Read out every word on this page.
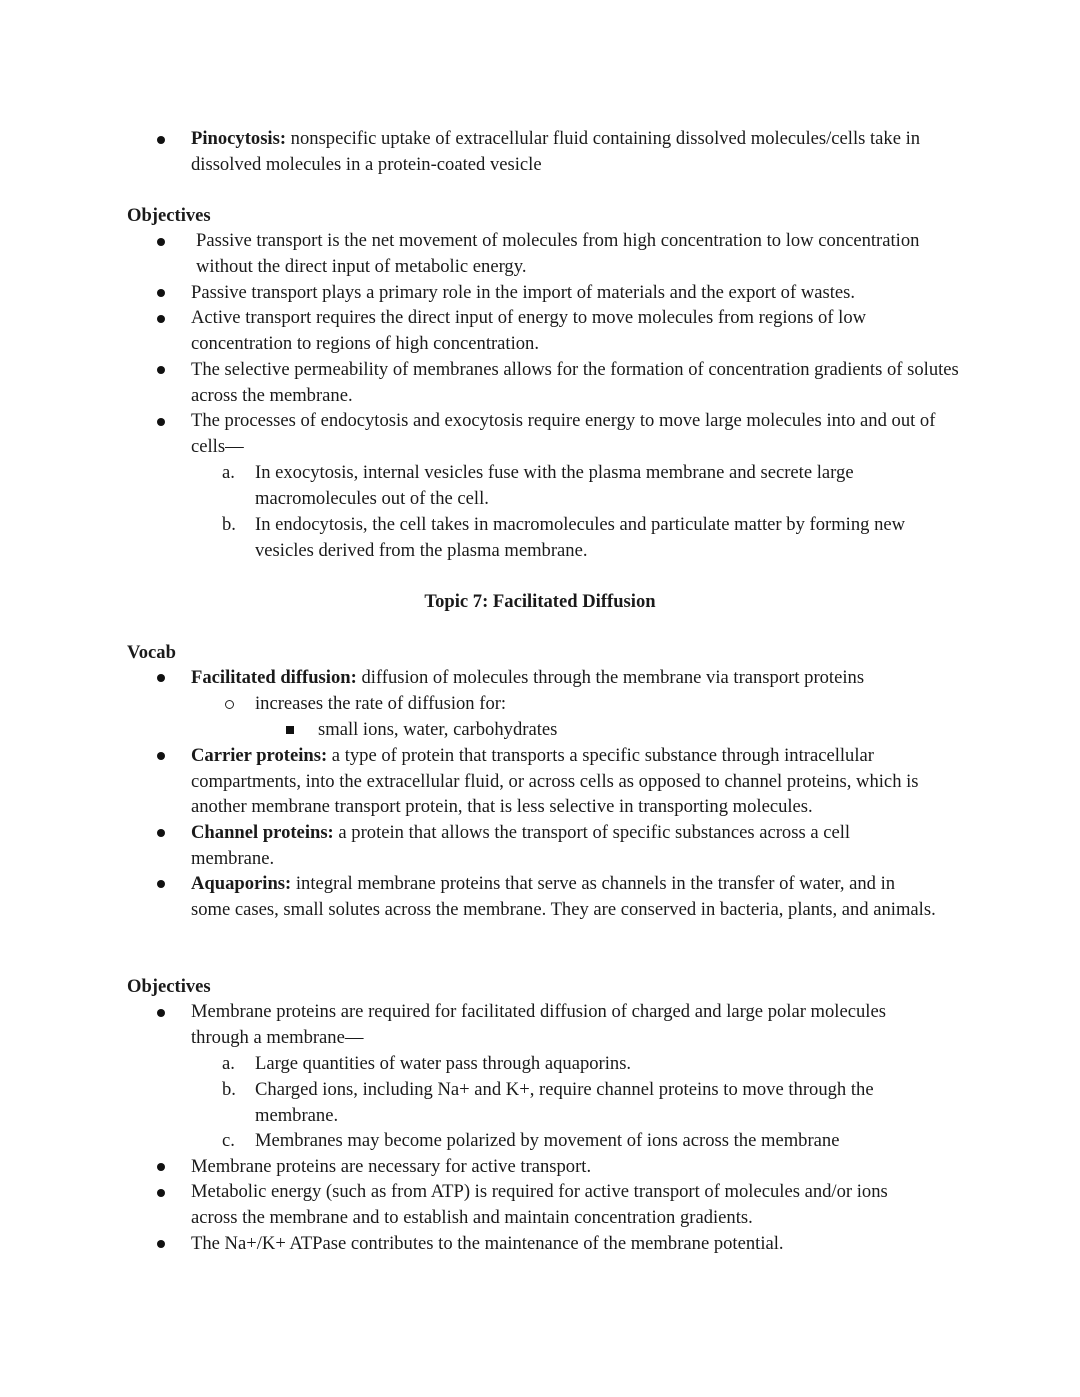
Pinocytosis: nonspecific uptake of extracellular fluid containing dissolved molecules/cells take in dissolved molecules in a protein-coated vesicle
Objectives
Passive transport is the net movement of molecules from high concentration to low concentration without the direct input of metabolic energy.
Passive transport plays a primary role in the import of materials and the export of wastes.
Active transport requires the direct input of energy to move molecules from regions of low concentration to regions of high concentration.
The selective permeability of membranes allows for the formation of concentration gradients of solutes across the membrane.
The processes of endocytosis and exocytosis require energy to move large molecules into and out of cells—
a. In exocytosis, internal vesicles fuse with the plasma membrane and secrete large macromolecules out of the cell.
b. In endocytosis, the cell takes in macromolecules and particulate matter by forming new vesicles derived from the plasma membrane.
Topic 7: Facilitated Diffusion
Vocab
Facilitated diffusion: diffusion of molecules through the membrane via transport proteins
increases the rate of diffusion for:
small ions, water, carbohydrates
Carrier proteins: a type of protein that transports a specific substance through intracellular compartments, into the extracellular fluid, or across cells as opposed to channel proteins, which is another membrane transport protein, that is less selective in transporting molecules.
Channel proteins: a protein that allows the transport of specific substances across a cell membrane.
Aquaporins: integral membrane proteins that serve as channels in the transfer of water, and in some cases, small solutes across the membrane. They are conserved in bacteria, plants, and animals.
Objectives
Membrane proteins are required for facilitated diffusion of charged and large polar molecules through a membrane—
a. Large quantities of water pass through aquaporins.
b. Charged ions, including Na+ and K+, require channel proteins to move through the membrane.
c. Membranes may become polarized by movement of ions across the membrane
Membrane proteins are necessary for active transport.
Metabolic energy (such as from ATP) is required for active transport of molecules and/or ions across the membrane and to establish and maintain concentration gradients.
The Na+/K+ ATPase contributes to the maintenance of the membrane potential.
